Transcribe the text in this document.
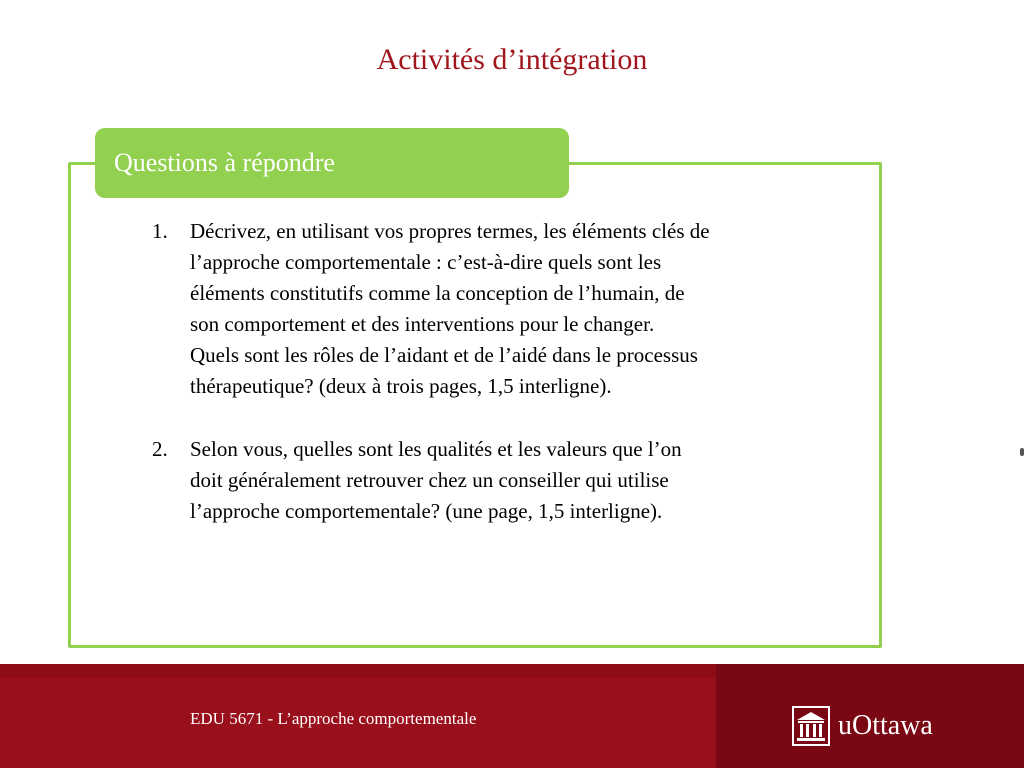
Activités d’intégration
Questions à répondre
1. Décrivez, en utilisant vos propres termes, les éléments clés de
l’approche comportementale : c’est-à-dire quels sont les
éléments constitutifs comme la conception de l’humain, de
son comportement et des interventions pour le changer.
Quels sont les rôles de l’aidant et de l’aidé dans le processus
thérapeutique? (deux à trois pages, 1,5 interligne).
2. Selon vous, quelles sont les qualités et les valeurs que l’on
doit généralement retrouver chez un conseiller qui utilise
l’approche comportementale? (une page, 1,5 interligne).
EDU 5671 - L’approche comportementale	uOttawa
